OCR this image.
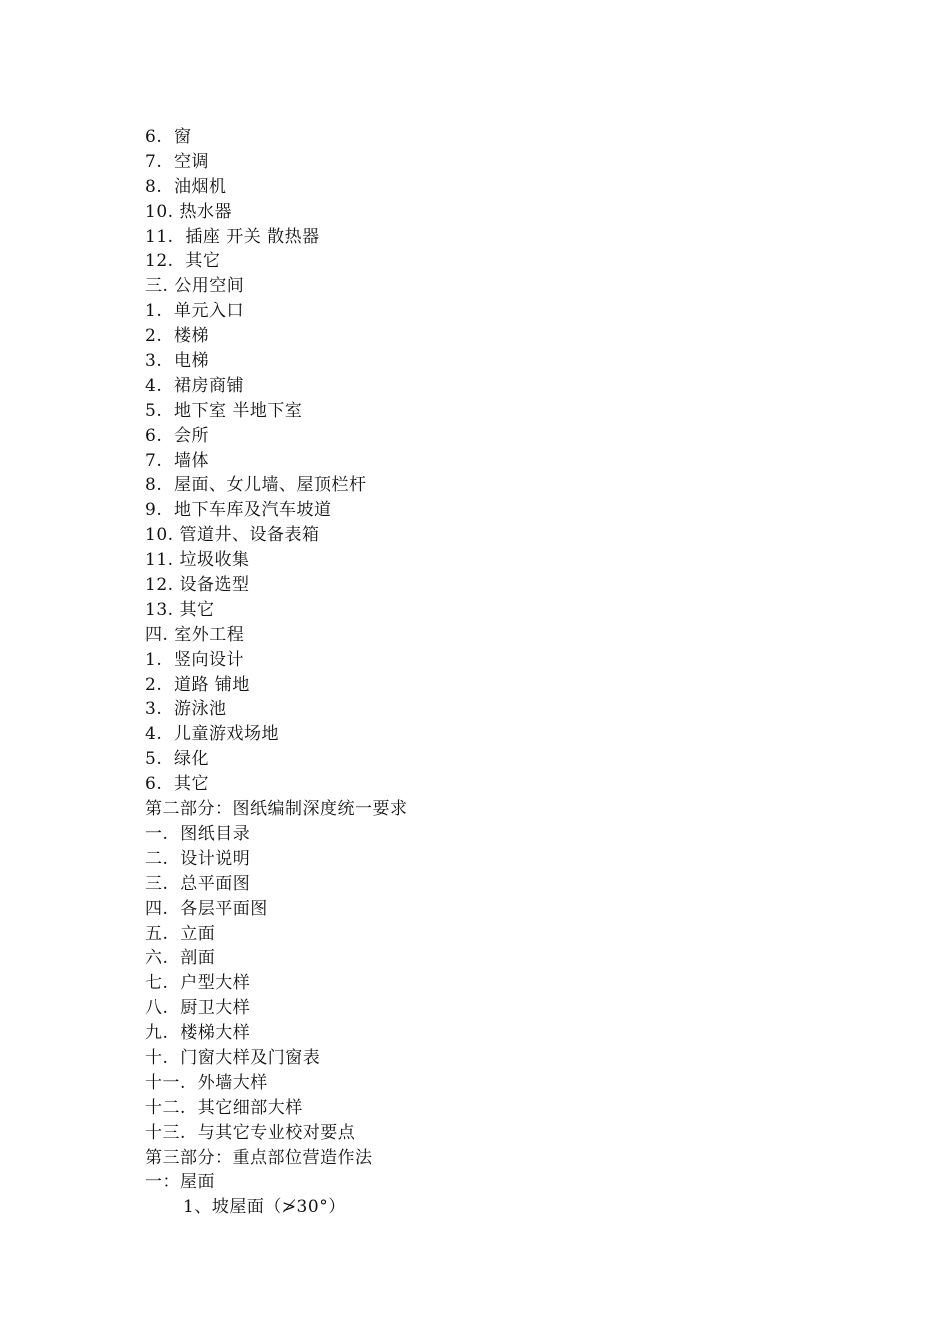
6.  窗
7.  空调
8.  油烟机
10. 热水器
11.  插座 开关 散热器
12.  其它
三. 公用空间
1.  单元入口
2.  楼梯
3.  电梯
4.  裙房商铺
5.  地下室 半地下室
6.  会所
7.  墙体
8.  屋面、女儿墙、屋顶栏杆
9.  地下车库及汽车坡道
10. 管道井、设备表箱
11. 垃圾收集
12. 设备选型
13. 其它
四. 室外工程
1.  竖向设计
2.  道路 铺地
3.  游泳池
4.  儿童游戏场地
5.  绿化
6.  其它
第二部分：图纸编制深度统一要求
一.  图纸目录
二.  设计说明
三.  总平面图
四.  各层平面图
五.  立面
六.  剖面
七.  户型大样
八.  厨卫大样
九.  楼梯大样
十.  门窗大样及门窗表
十一.  外墙大样
十二.  其它细部大样
十三.  与其它专业校对要点
第三部分：重点部位营造作法
一：屋面
1、坡屋面（≯30°）
